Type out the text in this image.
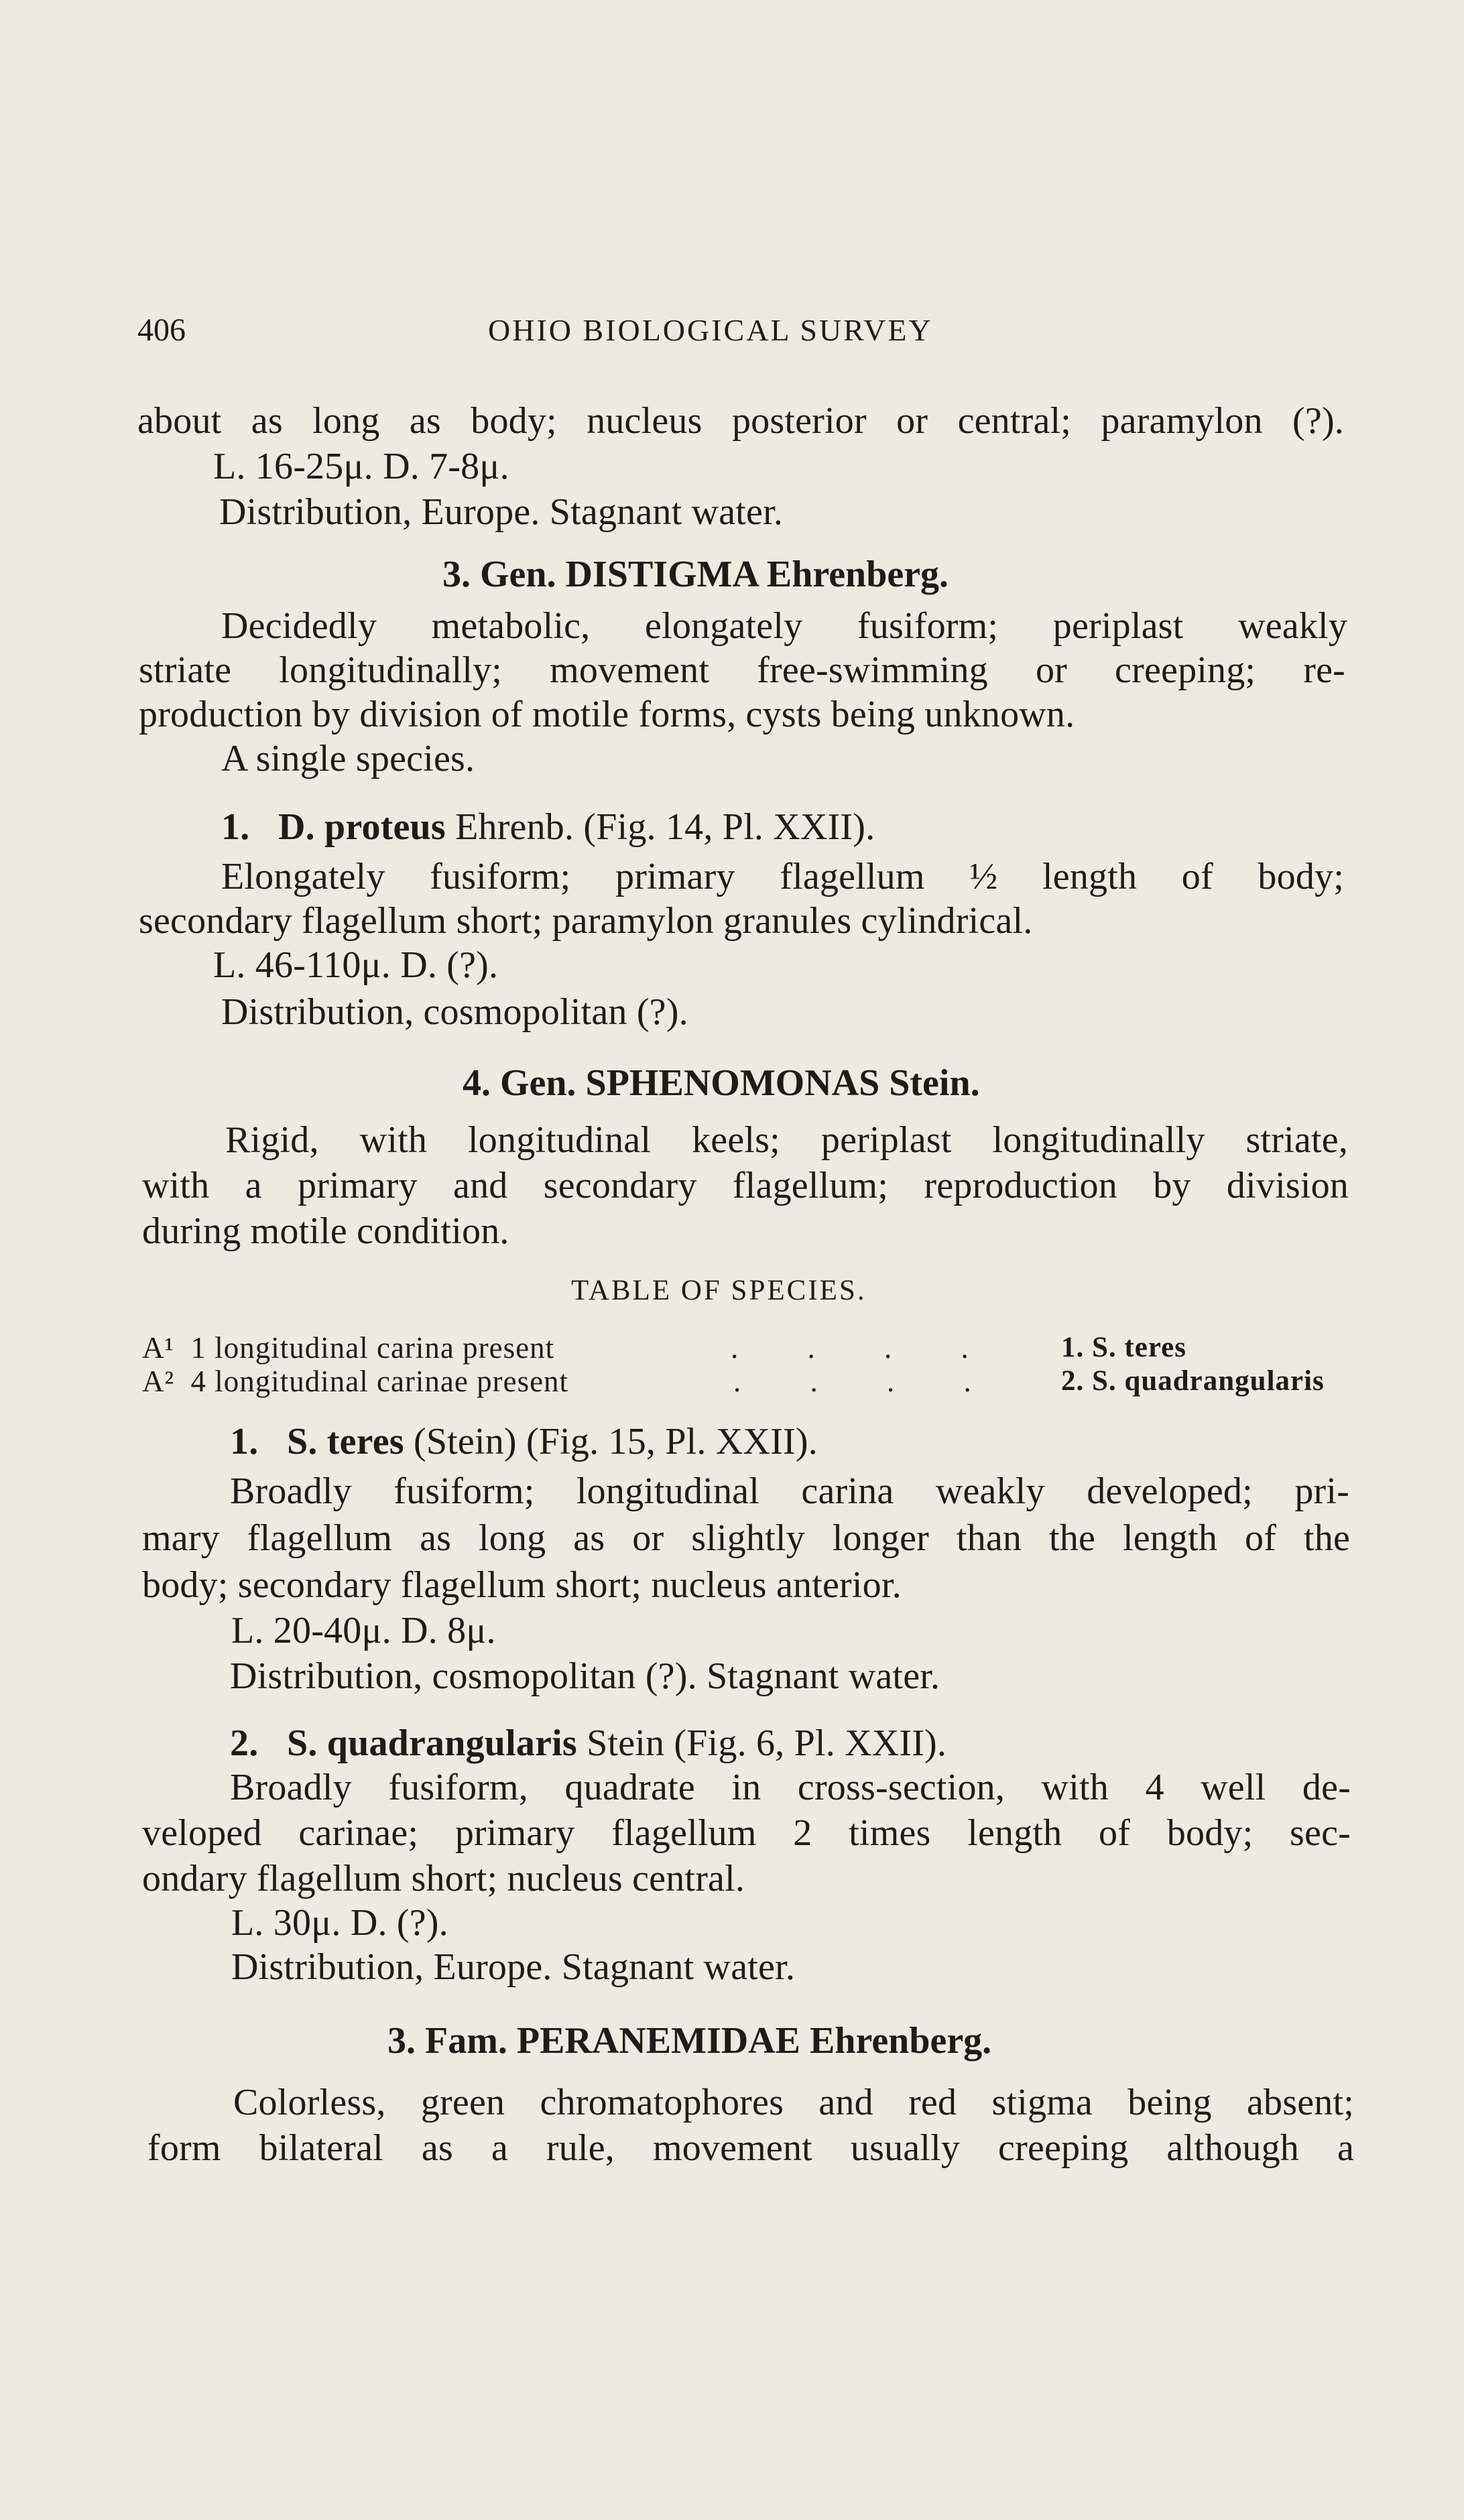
406	OHIO BIOLOGICAL SURVEY
about as long as body; nucleus posterior or central; paramylon (?).
L. 16-25μ. D. 7-8μ.
Distribution, Europe. Stagnant water.
3. Gen. DISTIGMA Ehrenberg.
Decidedly metabolic, elongately fusiform; periplast weakly
striate longitudinally; movement free-swimming or creeping; re-
production by division of motile forms, cysts being unknown.
A single species.
1. D. proteus Ehrenb. (Fig. 14, Pl. XXII).
Elongately fusiform; primary flagellum ½ length of body;
secondary flagellum short; paramylon granules cylindrical.
L. 46-110μ. D. (?).
Distribution, cosmopolitan (?).
4. Gen. SPHENOMONAS Stein.
Rigid, with longitudinal keels; periplast longitudinally striate,
with a primary and secondary flagellum; reproduction by division
during motile condition.
TABLE OF SPECIES.
A¹ 1 longitudinal carina present	. . . . 1. S. teres
A² 4 longitudinal carinae present	. . . . 2. S. quadrangularis
1. S. teres (Stein) (Fig. 15, Pl. XXII).
Broadly fusiform; longitudinal carina weakly developed; pri-
mary flagellum as long as or slightly longer than the length of the
body; secondary flagellum short; nucleus anterior.
L. 20-40μ. D. 8μ.
Distribution, cosmopolitan (?). Stagnant water.
2. S. quadrangularis Stein (Fig. 6, Pl. XXII).
Broadly fusiform, quadrate in cross-section, with 4 well de-
veloped carinae; primary flagellum 2 times length of body; sec-
ondary flagellum short; nucleus central.
L. 30μ. D. (?).
Distribution, Europe. Stagnant water.
3. Fam. PERANEMIDAE Ehrenberg.
Colorless, green chromatophores and red stigma being absent;
form bilateral as a rule, movement usually creeping although a
